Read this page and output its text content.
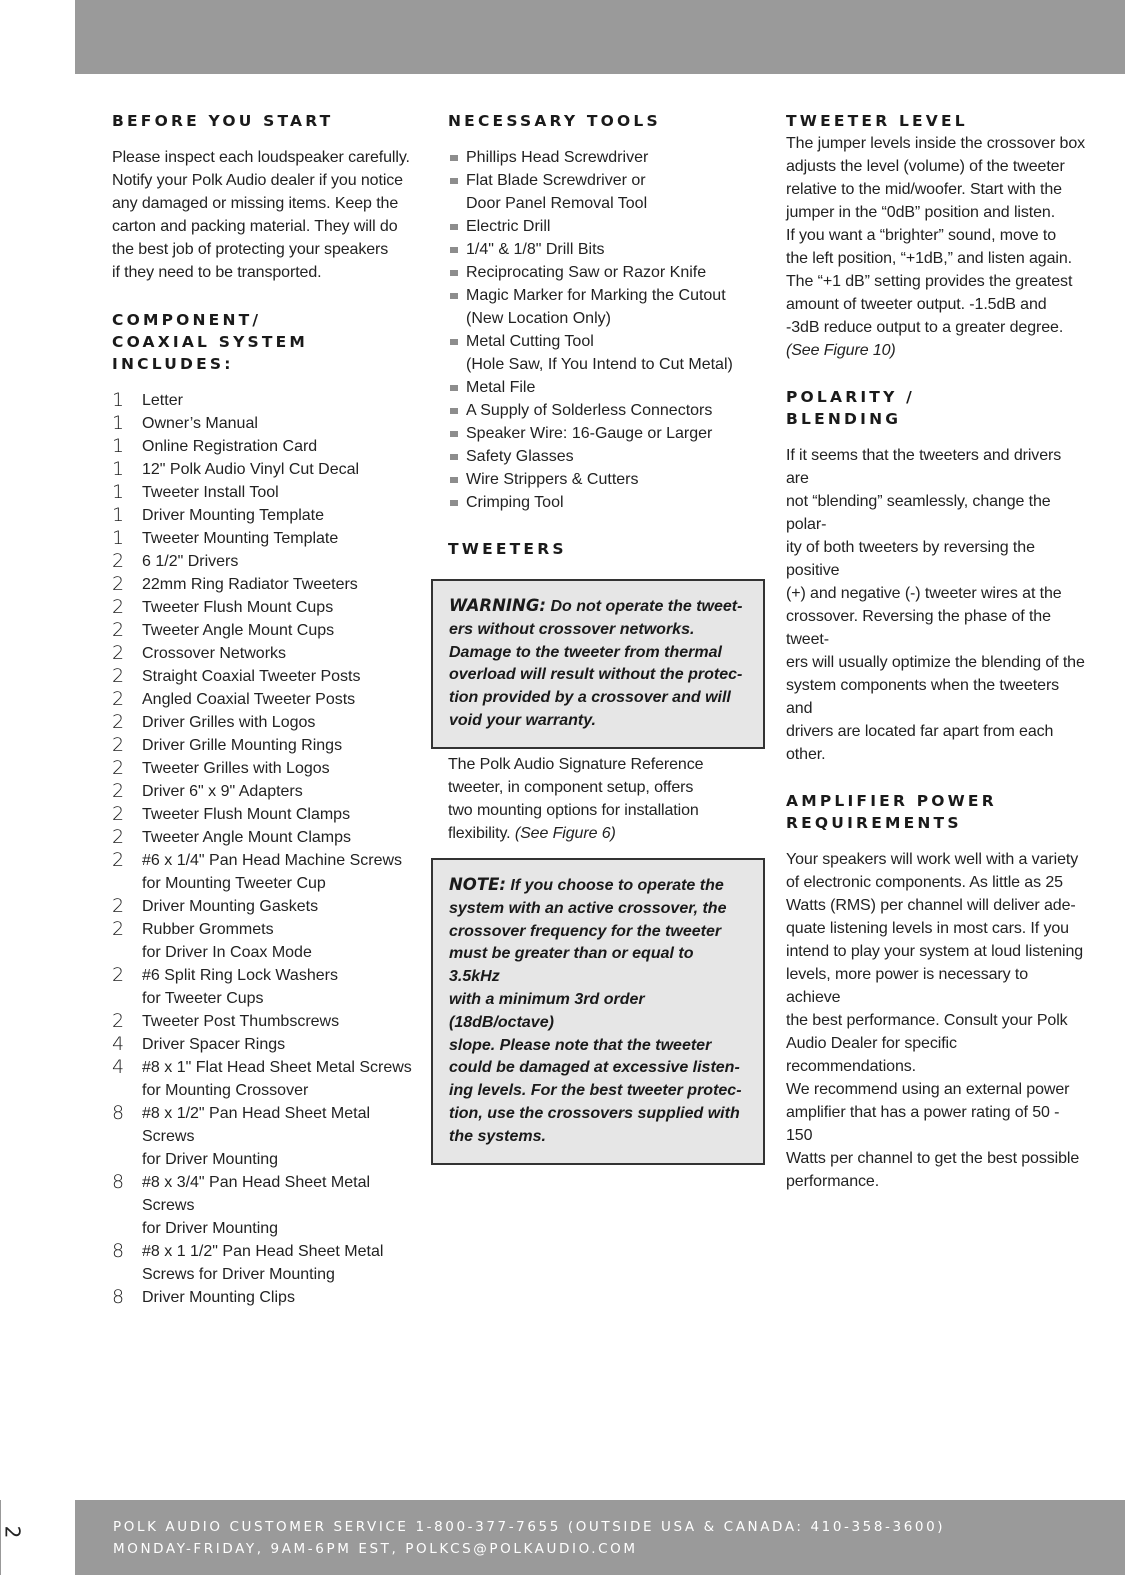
BEFORE YOU START

Please inspect each loudspeaker carefully.

Notify your Polk Audio dealer if you notice

any damaged or missing items. Keep the

carton and packing material. They will do

the best job of protecting your speakers

if they need to be transported.

COMPONENT/
COAXIAL SYSTEM
INCLUDES:
1 Letter
1 Owner’s Manual
1 Online Registration Card
1 12" Polk Audio Vinyl Cut Decal
1 Tweeter Install Tool
1 Driver Mounting Template
1 Tweeter Mounting Template
2 6 1/2" Drivers
2 22mm Ring Radiator Tweeters
2 Tweeter Flush Mount Cups
2 Tweeter Angle Mount Cups
2 Crossover Networks
2 Straight Coaxial Tweeter Posts
2 Angled Coaxial Tweeter Posts
2 Driver Grilles with Logos
2 Driver Grille Mounting Rings
2 Tweeter Grilles with Logos
2 Driver 6" x 9" Adapters
2 Tweeter Flush Mount Clamps
2 Tweeter Angle Mount Clamps
2 #6 x 1/4" Pan Head Machine Screws
for Mounting Tweeter Cup
2 Driver Mounting Gaskets
2 Rubber Grommets
for Driver In Coax Mode
2 #6 Split Ring Lock Washers
for Tweeter Cups
2 Tweeter Post Thumbscrews
4 Driver Spacer Rings
4 #8 x 1" Flat Head Sheet Metal Screws
for Mounting Crossover
8 #8 x 1/2" Pan Head Sheet Metal Screws
for Driver Mounting
8 #8 x 3/4" Pan Head Sheet Metal Screws
for Driver Mounting
8 #8 x 1 1/2" Pan Head Sheet Metal
Screws for Driver Mounting
8 Driver Mounting Clips
NECESSARY TOOLS
Phillips Head Screwdriver
Flat Blade Screwdriver or
Door Panel Removal Tool
Electric Drill
1/4" & 1/8" Drill Bits
Reciprocating Saw or Razor Knife
Magic Marker for Marking the Cutout
(New Location Only)
Metal Cutting Tool
(Hole Saw, If You Intend to Cut Metal)
Metal File
A Supply of Solderless Connectors
Speaker Wire: 16-Gauge or Larger
Safety Glasses
Wire Strippers & Cutters
Crimping Tool
TWEETERS

WARNING: Do not operate the tweet-
ers without crossover networks.
Damage to the tweeter from thermal
overload will result without the protec-
tion provided by a crossover and will
void your warranty.

The Polk Audio Signature Reference

tweeter, in component setup, offers

two mounting options for installation

flexibility. (See Figure 6)

NOTE: If you choose to operate the
system with an active crossover, the
crossover frequency for the tweeter
must be greater than or equal to 3.5kHz
with a minimum 3rd order (18dB/octave)
slope. Please note that the tweeter
could be damaged at excessive listen-
ing levels. For the best tweeter protec-
tion, use the crossovers supplied with
the systems.

TWEETER LEVEL

The jumper levels inside the crossover box

adjusts the level (volume) of the tweeter

relative to the mid/woofer. Start with the

jumper in the “0dB” position and listen.

If you want a “brighter” sound, move to

the left position, “+1dB,” and listen again.

The “+1 dB” setting provides the greatest

amount of tweeter output. -1.5dB and

-3dB reduce output to a greater degree.

(See Figure 10)

POLARITY /
BLENDING

If it seems that the tweeters and drivers are

not “blending” seamlessly, change the polar-

ity of both tweeters by reversing the positive

(+) and negative (-) tweeter wires at the

crossover. Reversing the phase of the tweet-

ers will usually optimize the blending of the

system components when the tweeters and

drivers are located far apart from each other.

AMPLIFIER POWER
REQUIREMENTS

Your speakers will work well with a variety

of electronic components. As little as 25

Watts (RMS) per channel will deliver ade-

quate listening levels in most cars. If you

intend to play your system at loud listening

levels, more power is necessary to achieve

the best performance. Consult your Polk

Audio Dealer for specific recommendations.

We recommend using an external power

amplifier that has a power rating of 50 - 150

Watts per channel to get the best possible

performance.

2	POLK AUDIO CUSTOMER SERVICE 1-800-377-7655 (OUTSIDE USA & CANADA: 410-358-3600)
MONDAY-FRIDAY, 9AM-6PM EST, POLKCS@POLKAUDIO.COM
